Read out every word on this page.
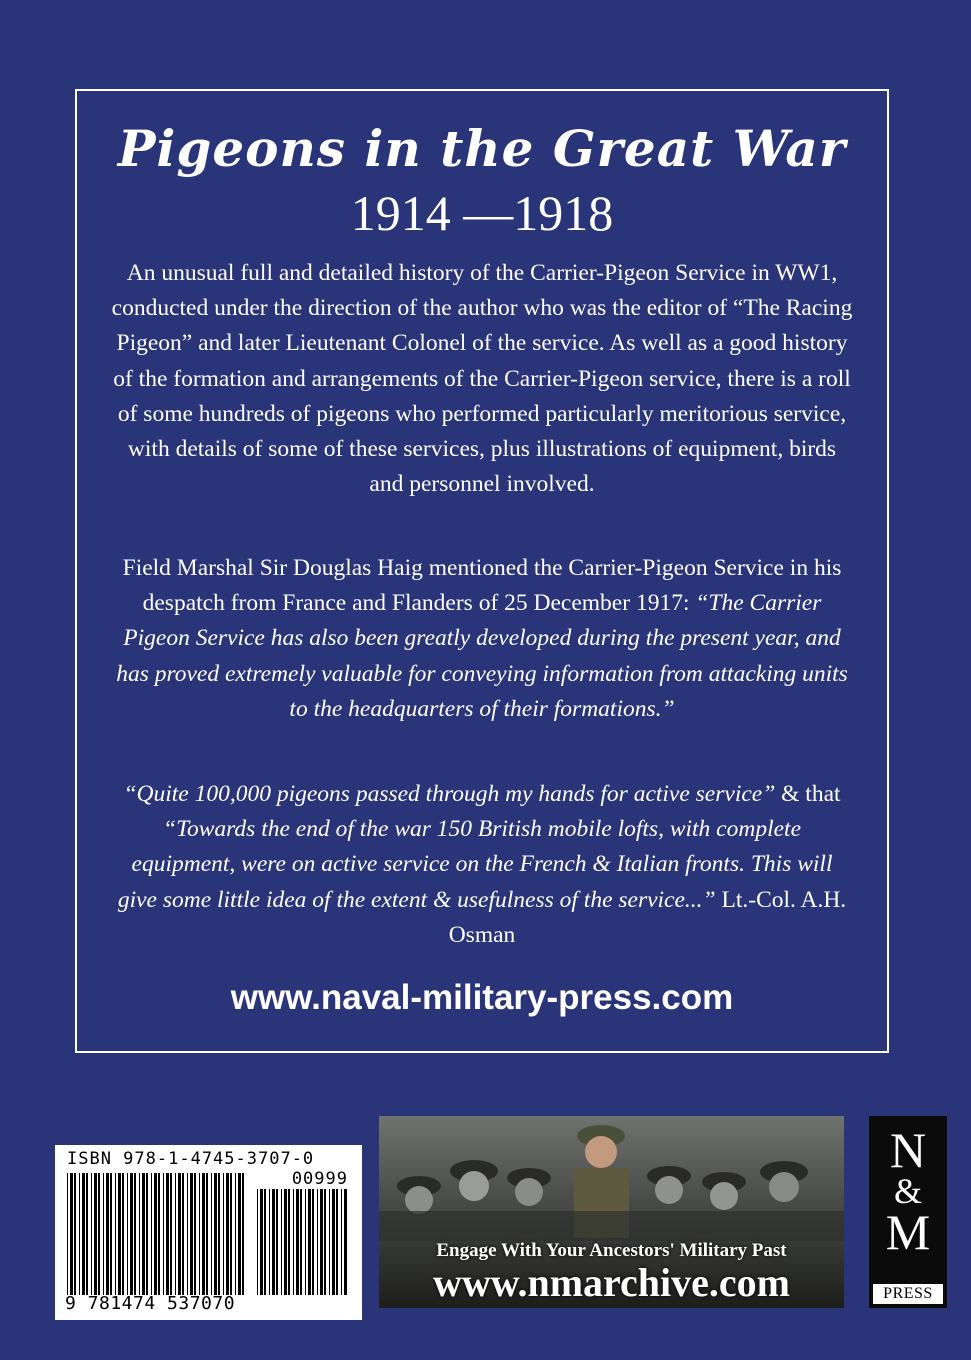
Pigeons in the Great War
1914 —1918

An unusual full and detailed history of the Carrier-Pigeon Service in WW1, conducted under the direction of the author who was the editor of “The Racing Pigeon” and later Lieutenant Colonel of the service. As well as a good history of the formation and arrangements of the Carrier-Pigeon service, there is a roll of some hundreds of pigeons who performed particularly meritorious service, with details of some of these services, plus illustrations of equipment, birds and personnel involved.

Field Marshal Sir Douglas Haig mentioned the Carrier-Pigeon Service in his despatch from France and Flanders of 25 December 1917: “The Carrier Pigeon Service has also been greatly developed during the present year, and has proved extremely valuable for conveying information from attacking units to the headquarters of their formations.”

“Quite 100,000 pigeons passed through my hands for active service” & that “Towards the end of the war 150 British mobile lofts, with complete equipment, were on active service on the French & Italian fronts. This will give some little idea of the extent & usefulness of the service...” Lt.-Col. A.H. Osman

www.naval-military-press.com
ISBN 978-1-4745-3707-0
00999
9 781474 537070
Engage With Your Ancestors' Military Past
www.nmarchive.com
N
&
M
PRESS
